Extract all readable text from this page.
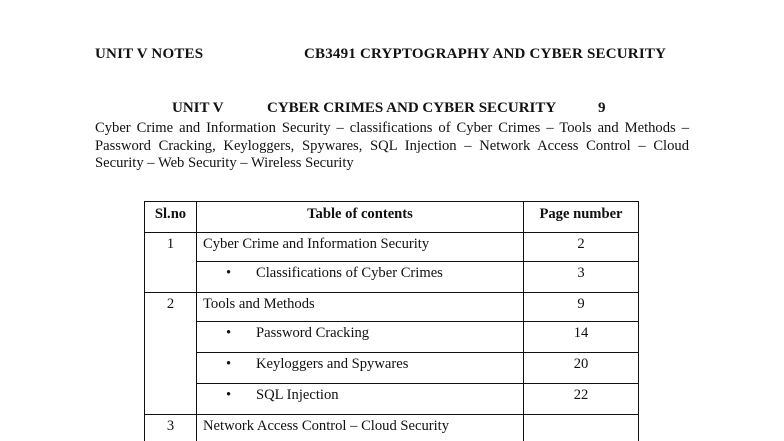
UNIT V NOTES	CB3491 CRYPTOGRAPHY AND CYBER SECURITY
UNIT V	CYBER CRIMES AND CYBER SECURITY	9
Cyber Crime and Information Security – classifications of Cyber Crimes – Tools and Methods – Password Cracking, Keyloggers, Spywares, SQL Injection – Network Access Control – Cloud Security – Web Security – Wireless Security
Sl.no	Table of contents	Page number
1	Cyber Crime and Information Security	2
	• Classifications of Cyber Crimes	3
2	Tools and Methods	9
	• Password Cracking	14
	• Keyloggers and Spywares	20
	• SQL Injection	22
3	Network Access Control – Cloud Security	
